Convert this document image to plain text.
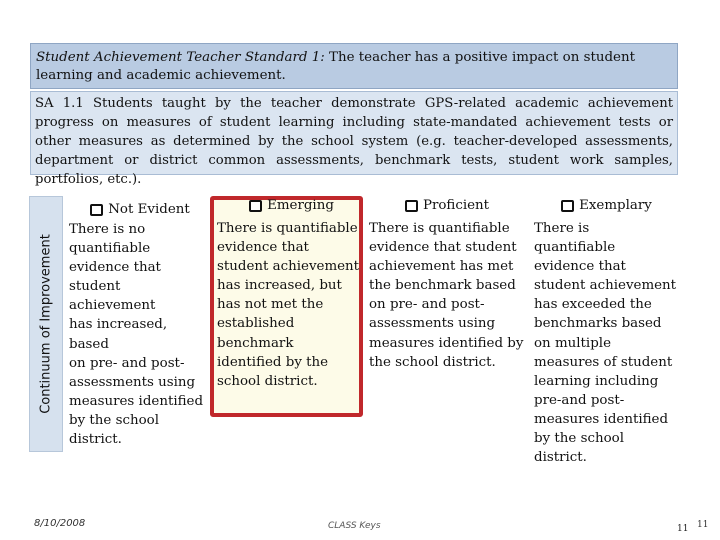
Student Achievement Teacher Standard 1: The teacher has a positive impact on student learning and academic achievement.
SA 1.1 Students taught by the teacher demonstrate GPS-related academic achievement progress on measures of student learning including state-mandated achievement tests or other measures as determined by the school system (e.g. teacher-developed assessments, department or district common assessments, benchmark tests, student work samples, portfolios, etc.).
Continuum of Improvement
Not Evident
There is no
quantifiable
evidence that
student achievement
has increased, based
on pre- and post-
assessments using
measures identified
by the school
district.
Emerging
There is quantifiable
evidence that
student achievement
has increased, but
has not met the
established
benchmark
identified by the
school district.
Proficient
There is quantifiable
evidence that student
achievement has met
the benchmark based
on pre- and post-
assessments using
measures identified by
the school district.
Exemplary
There is
quantifiable
evidence that
student achievement
has exceeded the
benchmarks based
on multiple
measures of student
learning including
pre-and post-
measures identified
by the school
district.
8/10/2008	CLASS Keys	11 11
